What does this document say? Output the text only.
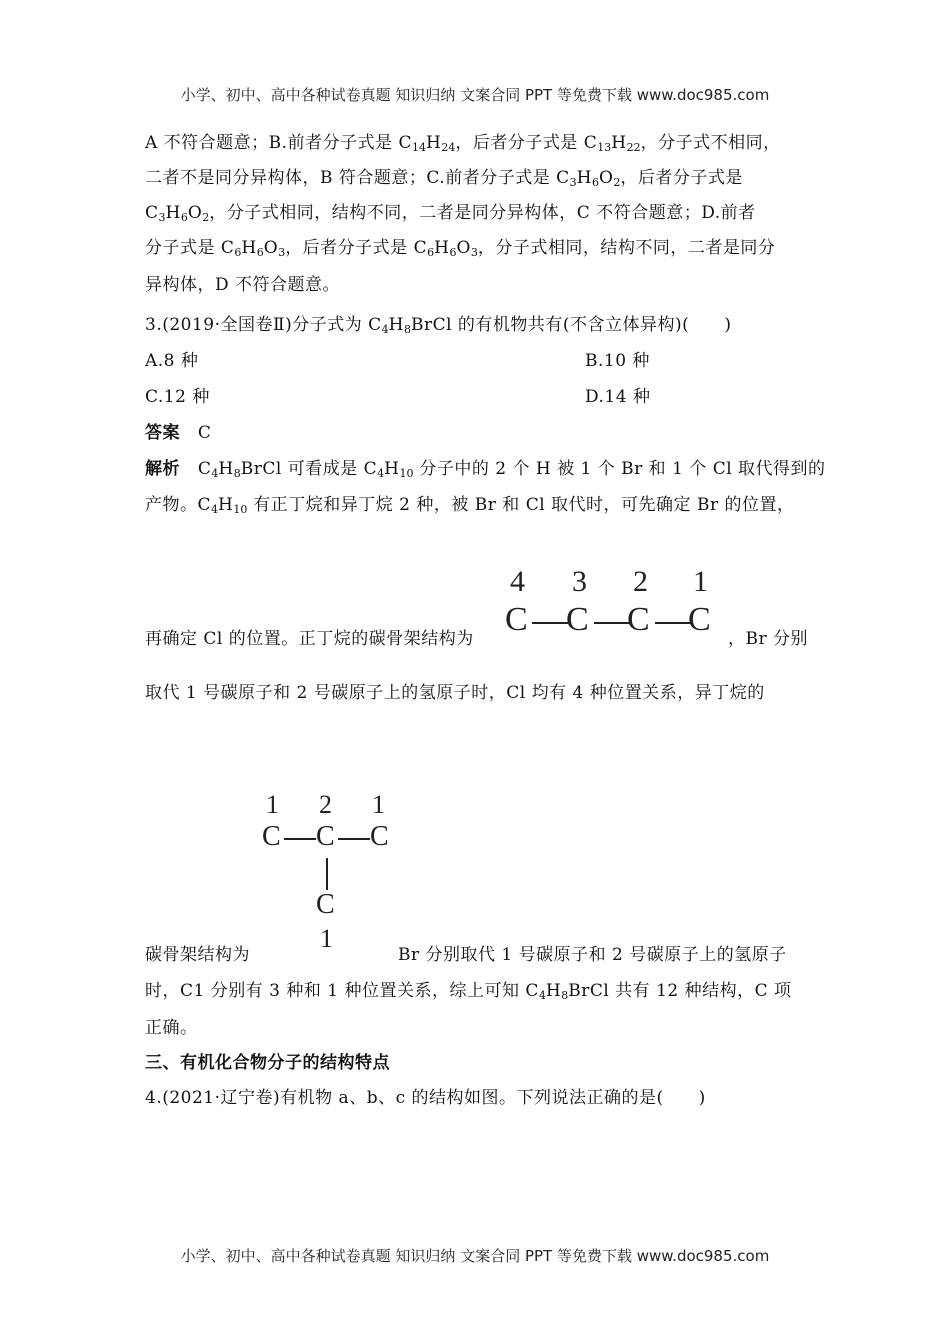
小学、初中、高中各种试卷真题 知识归纳 文案合同 PPT 等免费下载 www.doc985.com
A 不符合题意；B.前者分子式是 $C_{14}H_{24}$，后者分子式是 $C_{13}H_{22}$，分子式不相同，
二者不是同分异构体，B 符合题意；C.前者分子式是 $C_3H_6O_2$，后者分子式是
$C_3H_6O_2$，分子式相同，结构不同，二者是同分异构体，C 不符合题意；D.前者
分子式是 $C_6H_6O_3$，后者分子式是 $C_6H_6O_3$，分子式相同，结构不同，二者是同分
异构体，D 不符合题意。
3.(2019·全国卷Ⅱ)分子式为 $C_4H_8BrCl$ 的有机物共有(不含立体异构)(　　)
A.8 种	B.10 种
C.12 种	D.14 种
答案 C
解析 $C_4H_8BrCl$ 可看成是 $C_4H_{10}$ 分子中的 2 个 H 被 1 个 Br 和 1 个 Cl 取代得到的
产物。$C_4H_{10}$ 有正丁烷和异丁烷 2 种，被 Br 和 Cl 取代时，可先确定 Br 的位置，
再确定 Cl 的位置。正丁烷的碳骨架结构为
4 3 2 1
C C C C
，Br 分别
取代 1 号碳原子和 2 号碳原子上的氢原子时，Cl 均有 4 种位置关系，异丁烷的
1 2 1
C C C
C
1
碳骨架结构为	Br 分别取代 1 号碳原子和 2 号碳原子上的氢原子
时，C1 分别有 3 种和 1 种位置关系，综上可知 $C_4H_8BrCl$ 共有 12 种结构，C 项
正确。
三、有机化合物分子的结构特点
4.(2021·辽宁卷)有机物 a、b、c 的结构如图。下列说法正确的是(　　)
小学、初中、高中各种试卷真题 知识归纳 文案合同 PPT 等免费下载 www.doc985.com
